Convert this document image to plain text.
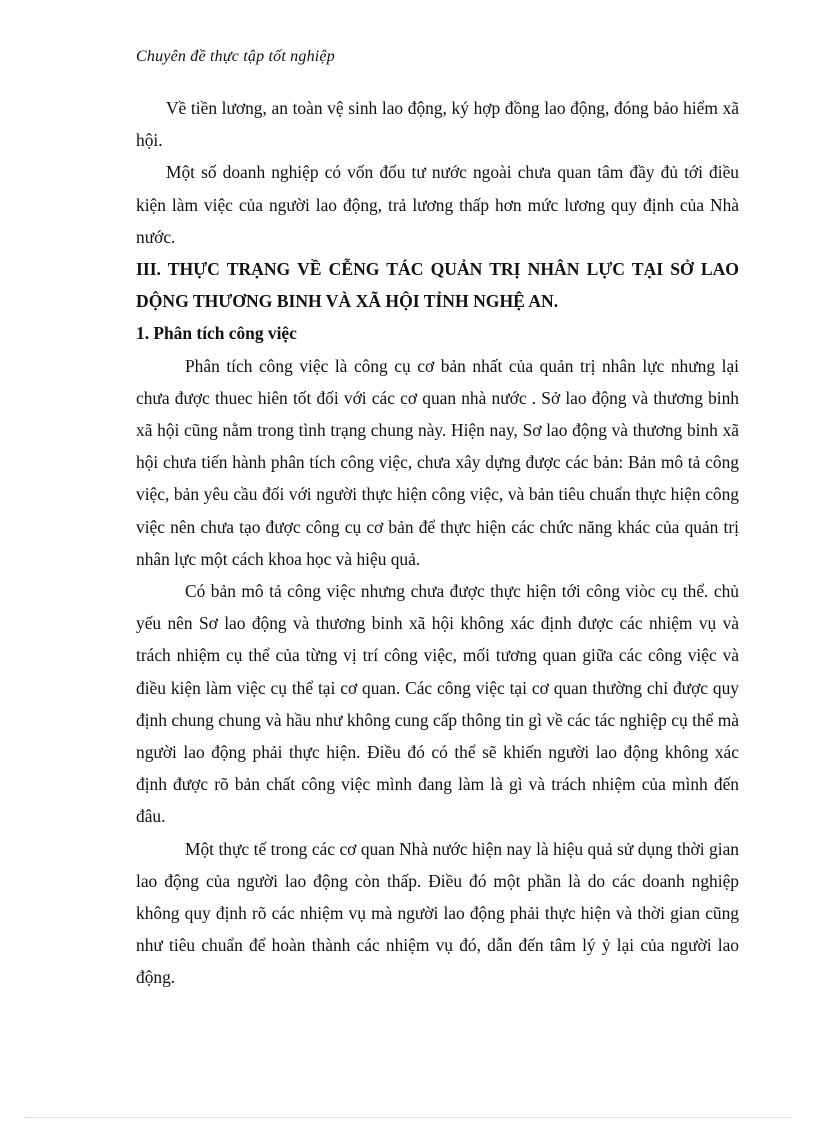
Chuyên đề thực tập tốt nghiệp

Về tiền lương, an toàn vệ sinh lao động, ký hợp đồng lao động, đóng bảo hiểm xã hội.

Một số doanh nghiệp có vốn đốu tư nước ngoài chưa quan tâm đầy đủ tới điều kiện làm việc của người lao động, trả lương thấp hơn mức lương quy định của Nhà nước.

III. THỰC TRẠNG VỀ CỄNG TÁC QUẢN TRỊ NHÂN LỰC TẠI SỞ LAO DỘNG THƯƠNG BINH VÀ XÃ HỘI TỈNH NGHỆ AN.

1. Phân tích công việc

Phân tích công việc là công cụ cơ bản nhất của quản trị nhân lực nhưng lại chưa được thuec hiên tốt đối với các cơ quan nhà nước . Sở lao động và thương binh xã hội cũng nằm trong tình trạng chung này. Hiện nay, Sơ lao động và thương binh xã hội chưa tiến hành phân tích công việc, chưa xây dựng được các bản: Bản mô tả công việc, bản yêu cầu đối với người thực hiện công việc, và bản tiêu chuẩn thực hiện công việc nên chưa tạo được công cụ cơ bản để thực hiện các chức năng khác của quản trị nhân lực một cách khoa học và hiệu quả.

Có bản mô tả công việc nhưng chưa được thực hiện tới công viòc cụ thể. chủ yếu nên Sơ lao động và thương binh xã hội không xác định được các nhiệm vụ và trách nhiệm cụ thể của từng vị trí công việc, mối tương quan giữa các công việc và điều kiện làm việc cụ thể tại cơ quan. Các công việc tại cơ quan thường chỉ được quy định chung chung và hầu như không cung cấp thông tin gì về các tác nghiệp cụ thể mà người lao động phải thực hiện. Điều đó có thể sẽ khiến người lao động không xác định được rõ bản chất công việc mình đang làm là gì và trách nhiệm của mình đến đâu.

Một thực tế trong các cơ quan Nhà nước hiện nay là hiệu quả sử dụng thời gian lao động của người lao động còn thấp. Điều đó một phần là do các doanh nghiệp không quy định rõ các nhiệm vụ mà người lao động phải thực hiện và thời gian cũng như tiêu chuẩn để hoàn thành các nhiệm vụ đó, dẫn đến tâm lý ỷ lại của người lao động.
